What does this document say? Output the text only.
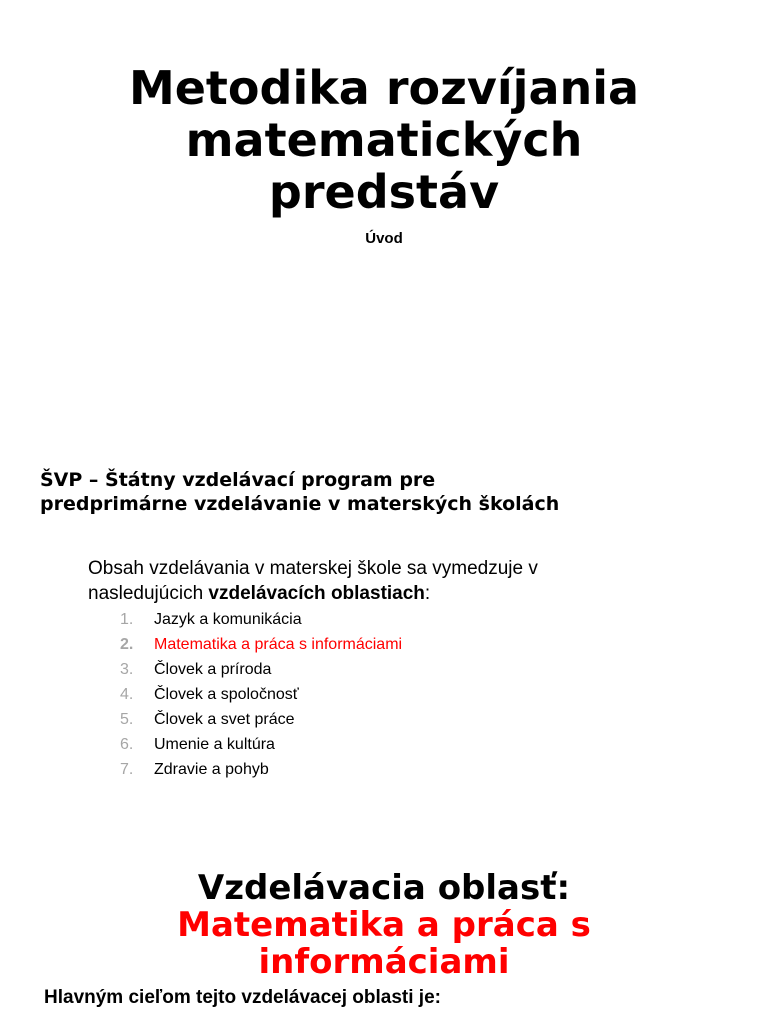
Metodika rozvíjania
matematických
predstáv

Úvod

ŠVP – Štátny vzdelávací program pre
predprimárne vzdelávanie v materských školách

Obsah vzdelávania v materskej škole sa vymedzuje v nasledujúcich vzdelávacích oblastiach:

1. Jazyk a komunikácia
2. Matematika a práca s informáciami
3. Človek a príroda
4. Človek a spoločnosť
5. Človek a svet práce
6. Umenie a kultúra
7. Zdravie a pohyb
Vzdelávacia oblasť:
Matematika a práca s
informáciami

Hlavným cieľom tejto vzdelávacej oblasti je:
